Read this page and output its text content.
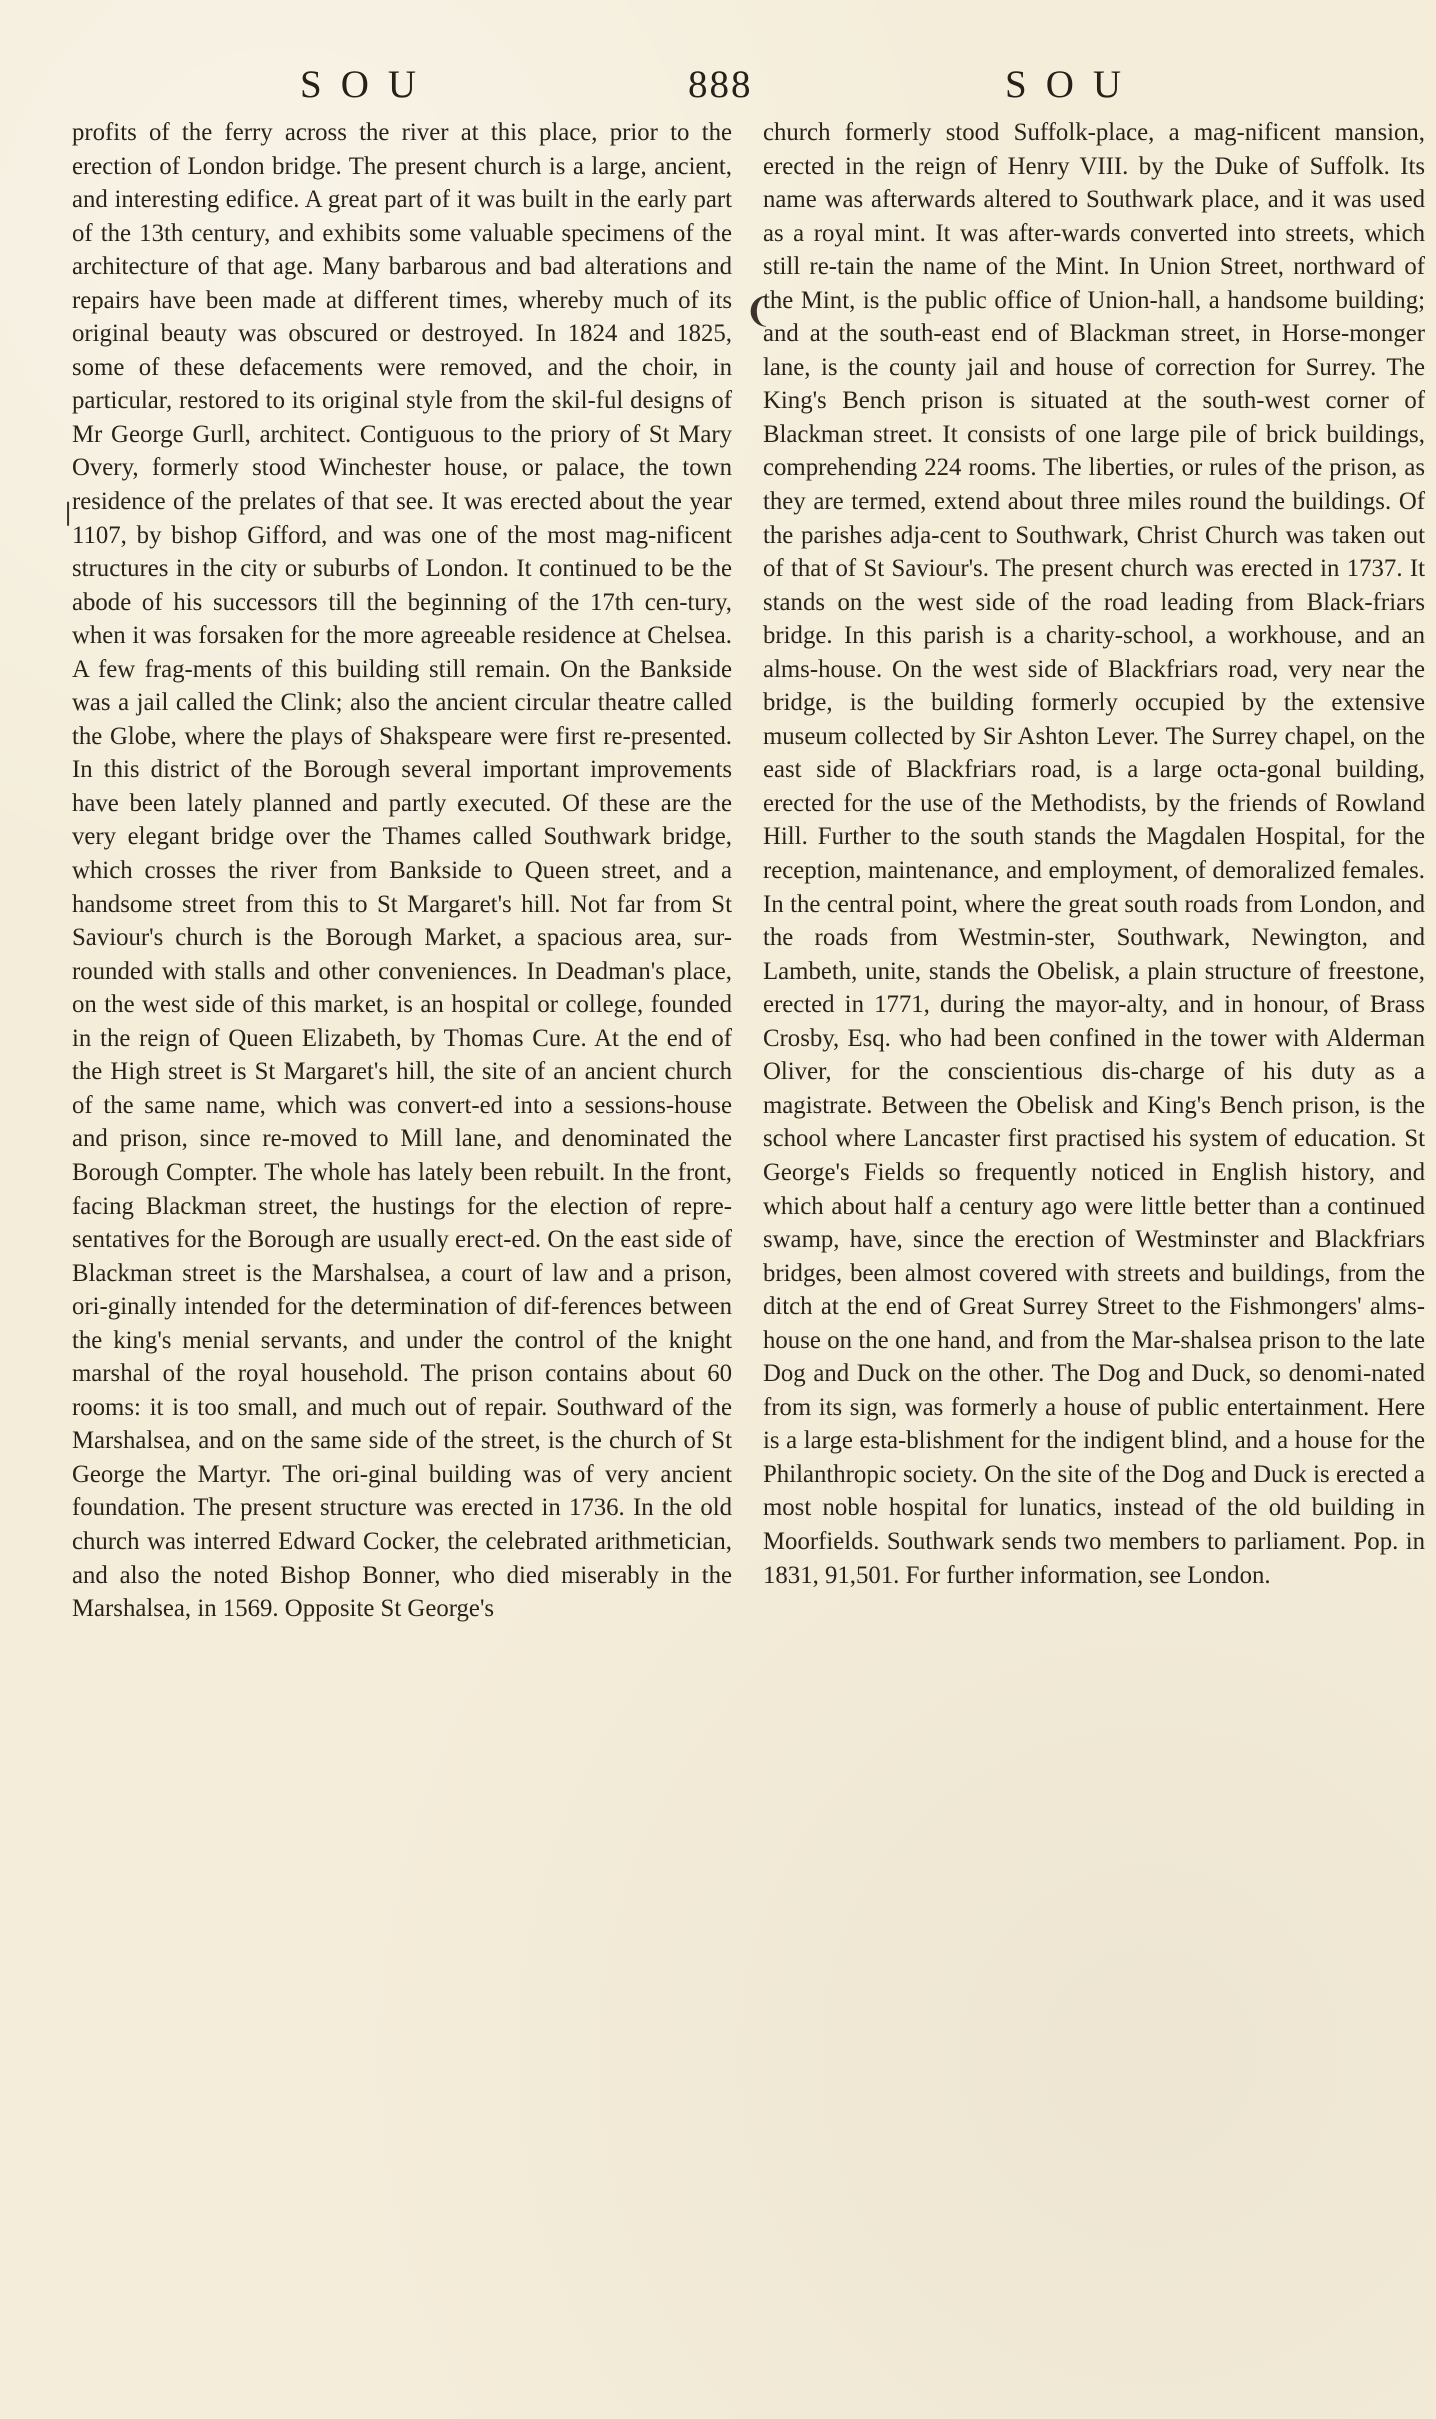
SOU	888	SOU
❘
❨

profits of the ferry across the river at this place, prior to the erection of London bridge. The present church is a large, ancient, and interesting edifice. A great part of it was built in the early part of the 13th century, and exhibits some valuable specimens of the architecture of that age. Many barbarous and bad alterations and repairs have been made at different times, whereby much of its original beauty was obscured or destroyed. In 1824 and 1825, some of these defacements were removed, and the choir, in particular, restored to its original style from the skil-ful designs of Mr George Gurll, architect. Contiguous to the priory of St Mary Overy, formerly stood Winchester house, or palace, the town residence of the prelates of that see. It was erected about the year 1107, by bishop Gifford, and was one of the most mag-nificent structures in the city or suburbs of London. It continued to be the abode of his successors till the beginning of the 17th cen-tury, when it was forsaken for the more agreeable residence at Chelsea. A few frag-ments of this building still remain. On the Bankside was a jail called the Clink; also the ancient circular theatre called the Globe, where the plays of Shakspeare were first re-presented. In this district of the Borough several important improvements have been lately planned and partly executed. Of these are the very elegant bridge over the Thames called Southwark bridge, which crosses the river from Bankside to Queen street, and a handsome street from this to St Margaret's hill. Not far from St Saviour's church is the Borough Market, a spacious area, sur-rounded with stalls and other conveniences. In Deadman's place, on the west side of this market, is an hospital or college, founded in the reign of Queen Elizabeth, by Thomas Cure. At the end of the High street is St Margaret's hill, the site of an ancient church of the same name, which was convert-ed into a sessions-house and prison, since re-moved to Mill lane, and denominated the Borough Compter. The whole has lately been rebuilt. In the front, facing Blackman street, the hustings for the election of repre-sentatives for the Borough are usually erect-ed. On the east side of Blackman street is the Marshalsea, a court of law and a prison, ori-ginally intended for the determination of dif-ferences between the king's menial servants, and under the control of the knight marshal of the royal household. The prison contains about 60 rooms: it is too small, and much out of repair. Southward of the Marshalsea, and on the same side of the street, is the church of St George the Martyr. The ori-ginal building was of very ancient foundation. The present structure was erected in 1736. In the old church was interred Edward Cocker, the celebrated arithmetician, and also the noted Bishop Bonner, who died miserably in the Marshalsea, in 1569. Opposite St George's

church formerly stood Suffolk-place, a mag-nificent mansion, erected in the reign of Henry VIII. by the Duke of Suffolk. Its name was afterwards altered to Southwark place, and it was used as a royal mint. It was after-wards converted into streets, which still re-tain the name of the Mint. In Union Street, northward of the Mint, is the public office of Union-hall, a handsome building; and at the south-east end of Blackman street, in Horse-monger lane, is the county jail and house of correction for Surrey. The King's Bench prison is situated at the south-west corner of Blackman street. It consists of one large pile of brick buildings, comprehending 224 rooms. The liberties, or rules of the prison, as they are termed, extend about three miles round the buildings. Of the parishes adja-cent to Southwark, Christ Church was taken out of that of St Saviour's. The present church was erected in 1737. It stands on the west side of the road leading from Black-friars bridge. In this parish is a charity-school, a workhouse, and an alms-house. On the west side of Blackfriars road, very near the bridge, is the building formerly occupied by the extensive museum collected by Sir Ashton Lever. The Surrey chapel, on the east side of Blackfriars road, is a large octa-gonal building, erected for the use of the Methodists, by the friends of Rowland Hill. Further to the south stands the Magdalen Hospital, for the reception, maintenance, and employment, of demoralized females. In the central point, where the great south roads from London, and the roads from Westmin-ster, Southwark, Newington, and Lambeth, unite, stands the Obelisk, a plain structure of freestone, erected in 1771, during the mayor-alty, and in honour, of Brass Crosby, Esq. who had been confined in the tower with Alderman Oliver, for the conscientious dis-charge of his duty as a magistrate. Between the Obelisk and King's Bench prison, is the school where Lancaster first practised his system of education. St George's Fields so frequently noticed in English history, and which about half a century ago were little better than a continued swamp, have, since the erection of Westminster and Blackfriars bridges, been almost covered with streets and buildings, from the ditch at the end of Great Surrey Street to the Fishmongers' alms-house on the one hand, and from the Mar-shalsea prison to the late Dog and Duck on the other. The Dog and Duck, so denomi-nated from its sign, was formerly a house of public entertainment. Here is a large esta-blishment for the indigent blind, and a house for the Philanthropic society. On the site of the Dog and Duck is erected a most noble hospital for lunatics, instead of the old building in Moorfields. Southwark sends two members to parliament. Pop. in 1831, 91,501. For further information, see London.
